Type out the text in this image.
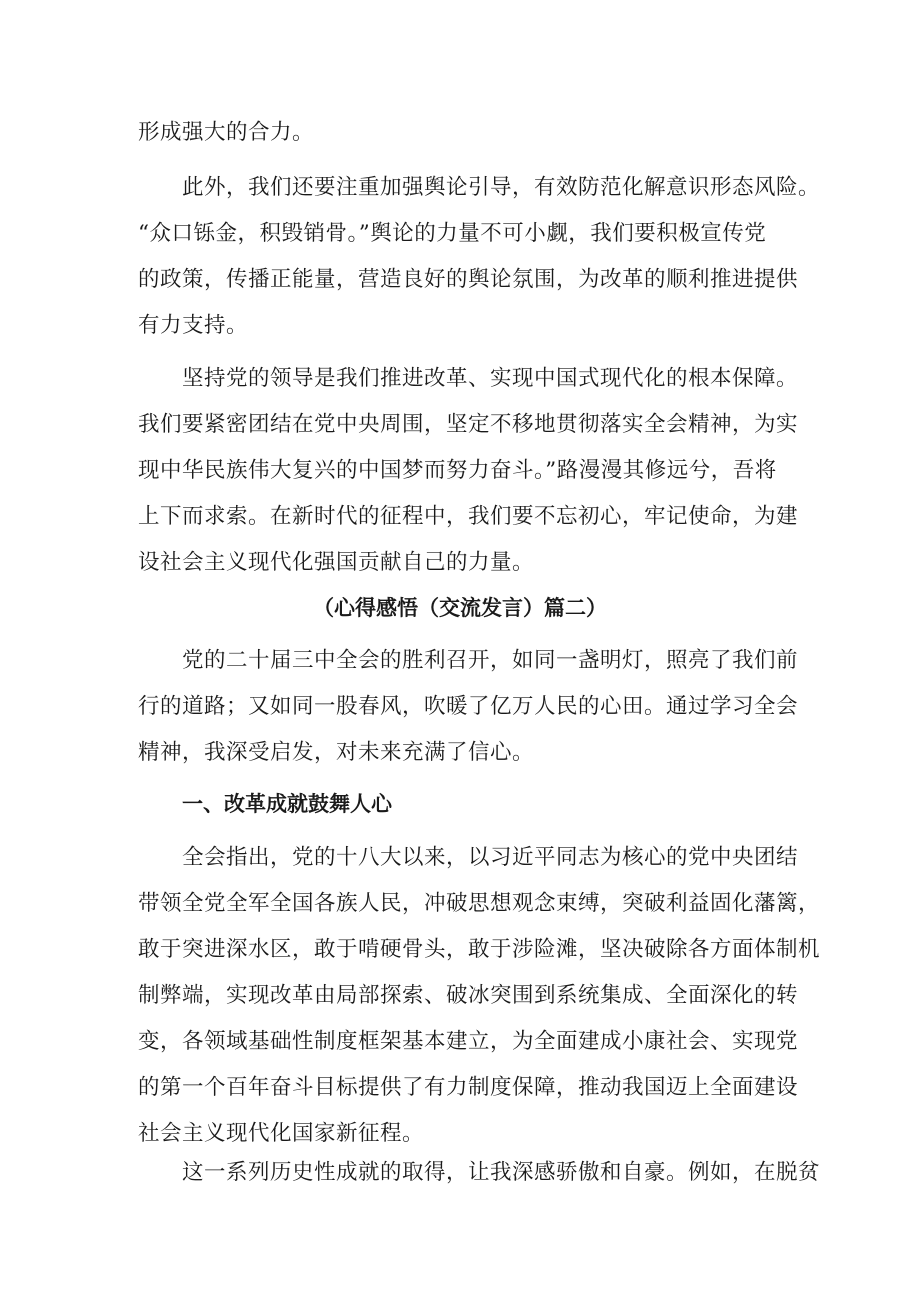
形成强大的合力。

此外，我们还要注重加强舆论引导，有效防范化解意识形态风险。
“众口铄金，积毁销骨。”舆论的力量不可小觑，我们要积极宣传党
的政策，传播正能量，营造良好的舆论氛围，为改革的顺利推进提供
有力支持。

坚持党的领导是我们推进改革、实现中国式现代化的根本保障。
我们要紧密团结在党中央周围，坚定不移地贯彻落实全会精神，为实
现中华民族伟大复兴的中国梦而努力奋斗。”路漫漫其修远兮，吾将
上下而求索。在新时代的征程中，我们要不忘初心，牢记使命，为建
设社会主义现代化强国贡献自己的力量。

（心得感悟（交流发言）篇二）

党的二十届三中全会的胜利召开，如同一盏明灯，照亮了我们前
行的道路；又如同一股春风，吹暖了亿万人民的心田。通过学习全会
精神，我深受启发，对未来充满了信心。

一、改革成就鼓舞人心

全会指出，党的十八大以来，以习近平同志为核心的党中央团结
带领全党全军全国各族人民，冲破思想观念束缚，突破利益固化藩篱，
敢于突进深水区，敢于啃硬骨头，敢于涉险滩，坚决破除各方面体制机
制弊端，实现改革由局部探索、破冰突围到系统集成、全面深化的转
变，各领域基础性制度框架基本建立，为全面建成小康社会、实现党
的第一个百年奋斗目标提供了有力制度保障，推动我国迈上全面建设
社会主义现代化国家新征程。

这一系列历史性成就的取得，让我深感骄傲和自豪。例如，在脱贫
